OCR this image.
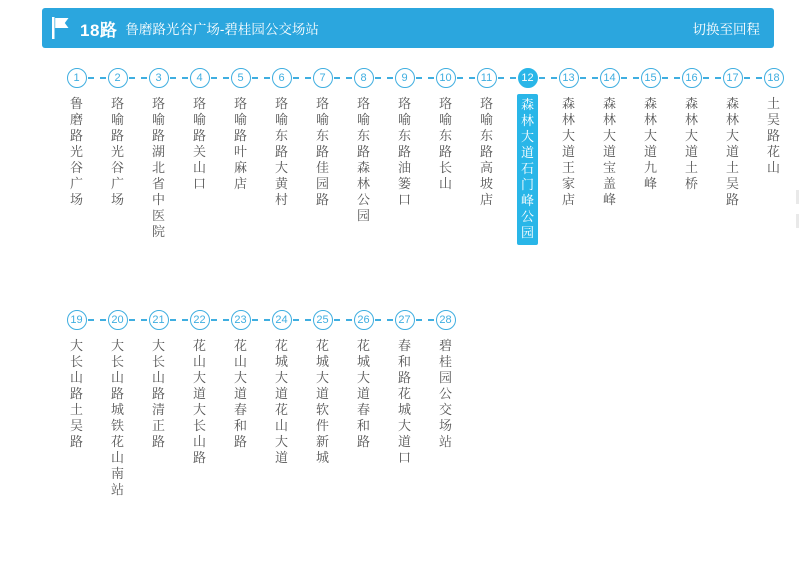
18路 鲁磨路光谷广场-碧桂园公交场站	切换至回程
1
鲁磨路光谷广场
2
珞喻路光谷广场
3
珞喻路湖北省中医院
4
珞喻路关山口
5
珞喻路叶麻店
6
珞喻东路大黄村
7
珞喻东路佳园路
8
珞喻东路森林公园
9
珞喻东路油篓口
10
珞喻东路长山
11
珞喻东路高坡店
12
森林大道石门峰公园
13
森林大道王家店
14
森林大道宝盖峰
15
森林大道九峰
16
森林大道土桥
17
森林大道土吴路
18
土吴路花山
19
大长山路土吴路
20
大长山路城铁花山南站
21
大长山路清正路
22
花山大道大长山路
23
花山大道春和路
24
花城大道花山大道
25
花城大道软件新城
26
花城大道春和路
27
春和路花城大道口
28
碧桂园公交场站
